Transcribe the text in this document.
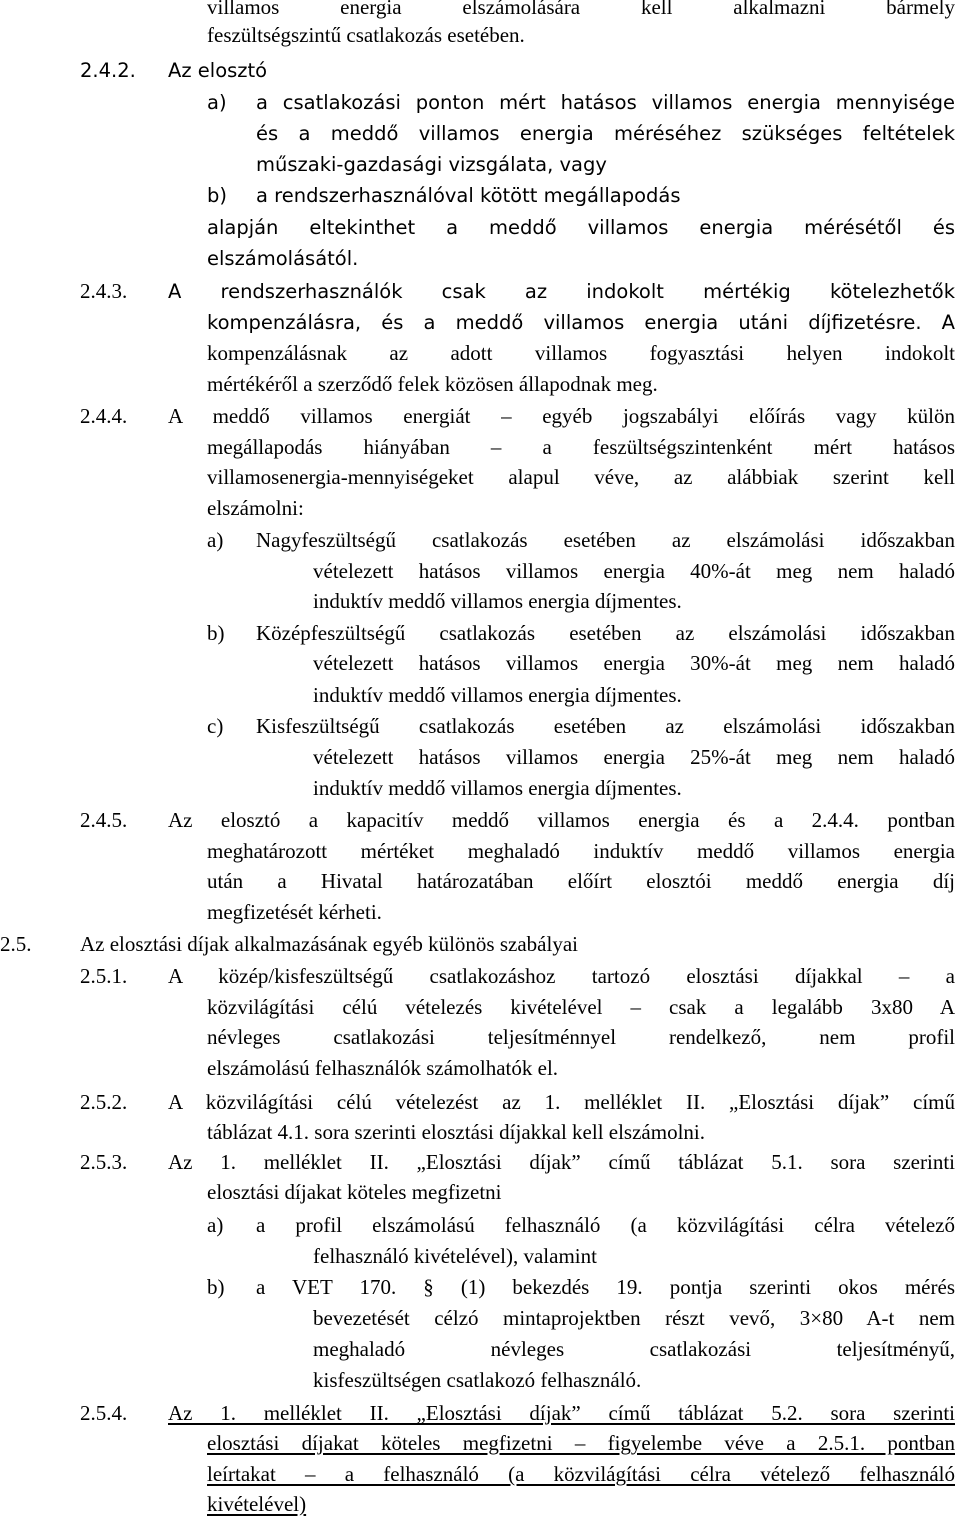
villamos energia elszámolására kell alkalmazni bármely
feszültségszintű csatlakozás esetében.
2.4.2. Az elosztó
a) a csatlakozási ponton mért hatásos villamos energia mennyisége
és a meddő villamos energia méréséhez szükséges feltételek
műszaki-gazdasági vizsgálata, vagy
b) a rendszerhasználóval kötött megállapodás
alapján eltekinthet a meddő villamos energia mérésétől és
elszámolásától.
2.4.3. A rendszerhasználók csak az indokolt mértékig kötelezhetők
kompenzálásra, és a meddő villamos energia utáni díjfizetésre. A
kompenzálásnak az adott villamos fogyasztási helyen indokolt
mértékéről a szerződő felek közösen állapodnak meg.
2.4.4. A meddő villamos energiát – egyéb jogszabályi előírás vagy külön
megállapodás hiányában – a feszültségszintenként mért hatásos
villamosenergia-mennyiségeket alapul véve, az alábbiak szerint kell
elszámolni:
a) Nagyfeszültségű csatlakozás esetében az elszámolási időszakban
vételezett hatásos villamos energia 40%-át meg nem haladó
induktív meddő villamos energia díjmentes.
b) Középfeszültségű csatlakozás esetében az elszámolási időszakban
vételezett hatásos villamos energia 30%-át meg nem haladó
induktív meddő villamos energia díjmentes.
c) Kisfeszültségű csatlakozás esetében az elszámolási időszakban
vételezett hatásos villamos energia 25%-át meg nem haladó
induktív meddő villamos energia díjmentes.
2.4.5. Az elosztó a kapacitív meddő villamos energia és a 2.4.4. pontban
meghatározott mértéket meghaladó induktív meddő villamos energia
után a Hivatal határozatában előírt elosztói meddő energia díj
megfizetését kérheti.
2.5. Az elosztási díjak alkalmazásának egyéb különös szabályai
2.5.1. A közép/kisfeszültségű csatlakozáshoz tartozó elosztási díjakkal – a
közvilágítási célú vételezés kivételével – csak a legalább 3x80 A
névleges csatlakozási teljesítménnyel rendelkező, nem profil
elszámolású felhasználók számolhatók el.
2.5.2. A közvilágítási célú vételezést az 1. melléklet II. „Elosztási díjak” című
táblázat 4.1. sora szerinti elosztási díjakkal kell elszámolni.
2.5.3. Az 1. melléklet II. „Elosztási díjak” című táblázat 5.1. sora szerinti
elosztási díjakat köteles megfizetni
a) a profil elszámolású felhasználó (a közvilágítási célra vételező
felhasználó kivételével), valamint
b) a VET 170. § (1) bekezdés 19. pontja szerinti okos mérés
bevezetését célzó mintaprojektben részt vevő, 3×80 A-t nem
meghaladó névleges csatlakozási teljesítményű,
kisfeszültségen csatlakozó felhasználó.
2.5.4. Az 1. melléklet II. „Elosztási díjak” című táblázat 5.2. sora szerinti
elosztási díjakat köteles megfizetni – figyelembe véve a 2.5.1. pontban
leírtakat – a felhasználó (a közvilágítási célra vételező felhasználó
kivételével)
